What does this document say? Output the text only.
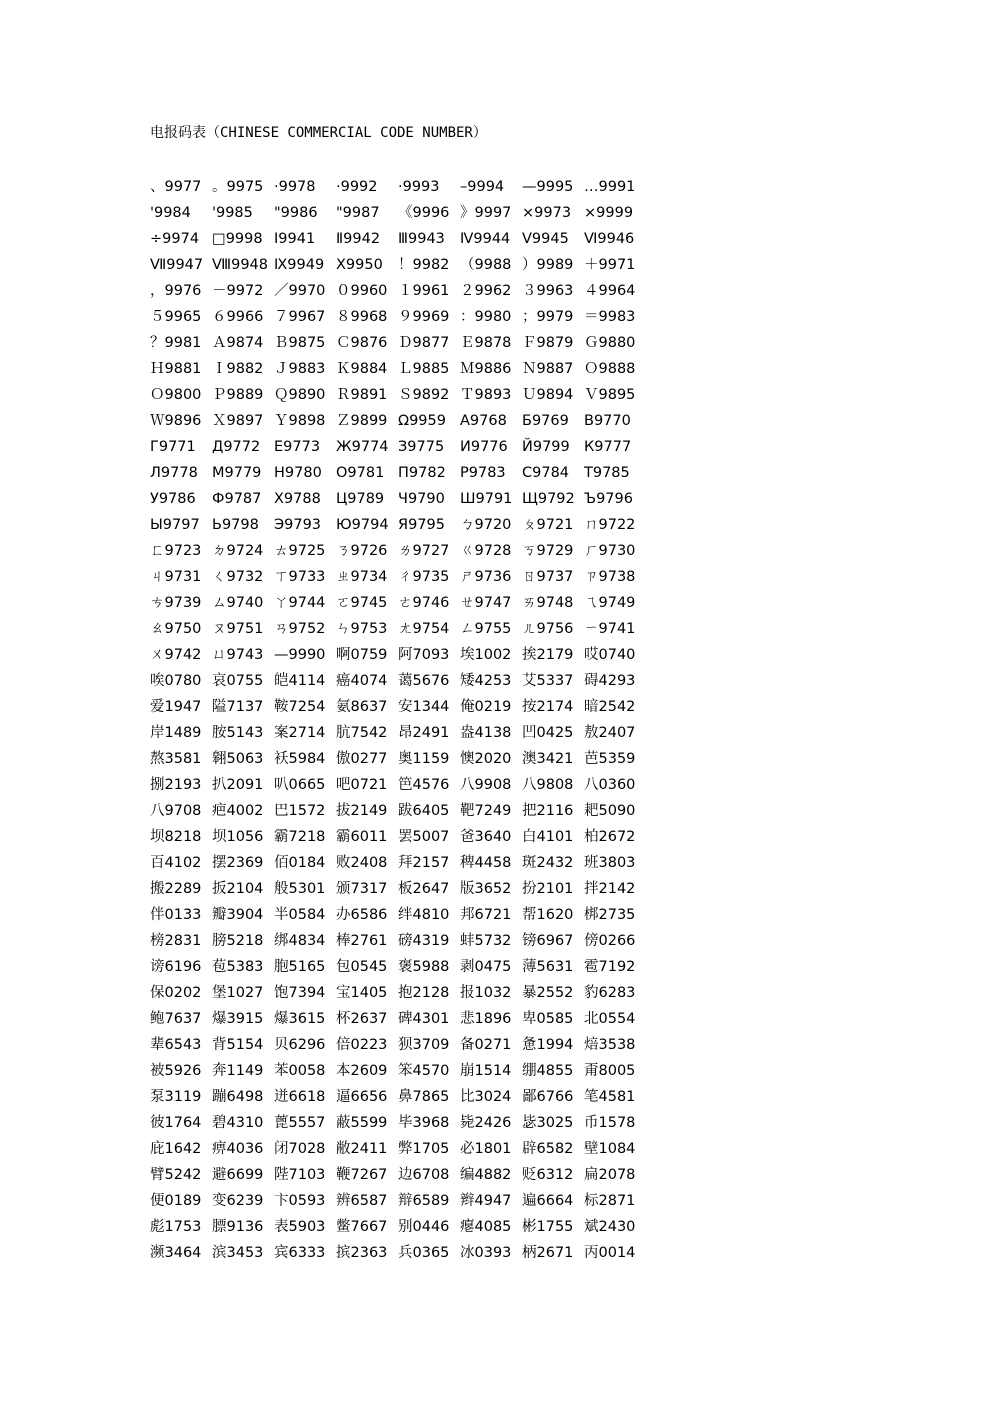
电报码表（CHINESE COMMERCIAL CODE NUMBER）
、9977 。9975 ·9978	·9992	·9993	–9994	—9995 …9991
'9984	'9985	"9986	"9987	《9996 》9997 ×9973 ×9999
÷9974 □9998 Ⅰ9941	Ⅱ9942	Ⅲ9943	Ⅳ9944 Ⅴ9945	Ⅵ9946
Ⅶ9947 Ⅷ9948 Ⅸ9949 Ⅹ9950	！9982 （9988 ）9989 ＋9971
，9976 －9972 ／9970 ０9960 １9961 ２9962 ３9963 ４9964
５9965 ６9966 ７9967 ８9968 ９9969 ：9980 ；9979 ＝9983
？9981 Ａ9874 Ｂ9875 Ｃ9876 Ｄ9877 Ｅ9878 Ｆ9879 Ｇ9880
Ｈ9881 Ｉ9882 Ｊ9883 Ｋ9884 Ｌ9885 Ｍ9886 Ｎ9887 Ｏ9888
Ｏ9800 Ｐ9889 Ｑ9890 Ｒ9891 Ｓ9892 Ｔ9893 Ｕ9894 Ｖ9895
Ｗ9896 Ｘ9897 Ｙ9898 Ｚ9899 Ω9959 А9768	Б9769	В9770
Г9771	Д9772 Е9773	Ж9774 З9775	И9776 Й9799 К9777
Л9778 М9779 Н9780 О9781 П9782 Р9783	С9784	Т9785
У9786	Ф9787 Х9788	Ц9789 Ч9790	Ш9791 Щ9792 Ъ9796
Ы9797 Ь9798	Э9793	Ю9794 Я9795	ㄅ9720 ㄆ9721 ㄇ9722
ㄈ9723 ㄉ9724 ㄊ9725 ㄋ9726 ㄌ9727 ㄍ9728 ㄎ9729 ㄏ9730
ㄐ9731 ㄑ9732 ㄒ9733 ㄓ9734 ㄔ9735 ㄕ9736 ㄖ9737 ㄗ9738
ㄘ9739 ㄙ9740 ㄚ9744 ㄛ9745 ㄜ9746 ㄝ9747 ㄞ9748 ㄟ9749
ㄠ9750 ㄡ9751 ㄢ9752 ㄣ9753 ㄤ9754 ㄥ9755 ㄦ9756 ㄧ9741
ㄨ9742 ㄩ9743 —9990 啊0759 阿7093 埃1002 挨2179 哎0740
唉0780 哀0755 皑4114 癌4074 蔼5676 矮4253 艾5337 碍4293
爱1947 隘7137 鞍7254 氨8637 安1344 俺0219 按2174 暗2542
岸1489 胺5143 案2714 肮7542 昂2491 盎4138 凹0425 敖2407
熬3581 翱5063 袄5984 傲0277 奥1159 懊2020 澳3421 芭5359
捌2193 扒2091 叭0665 吧0721 笆4576 八9908 八9808 八0360
八9708 疤4002 巴1572 拔2149 跋6405 靶7249 把2116 耙5090
坝8218 坝1056 霸7218 霸6011 罢5007 爸3640 白4101 柏2672
百4102 摆2369 佰0184 败2408 拜2157 稗4458 斑2432 班3803
搬2289 扳2104 般5301 颁7317 板2647 版3652 扮2101 拌2142
伴0133 瓣3904 半0584 办6586 绊4810 邦6721 帮1620 梆2735
榜2831 膀5218 绑4834 棒2761 磅4319 蚌5732 镑6967 傍0266
谤6196 苞5383 胞5165 包0545 褒5988 剥0475 薄5631 雹7192
保0202 堡1027 饱7394 宝1405 抱2128 报1032 暴2552 豹6283
鲍7637 爆3915 爆3615 杯2637 碑4301 悲1896 卑0585 北0554
辈6543 背5154 贝6296 倍0223 狈3709 备0271 惫1994 焙3538
被5926 奔1149 苯0058 本2609 笨4570 崩1514 绷4855 甭8005
泵3119 蹦6498 迸6618 逼6656 鼻7865 比3024 鄙6766 笔4581
彼1764 碧4310 蓖5557 蔽5599 毕3968 毙2426 毖3025 币1578
庇1642 痹4036 闭7028 敝2411 弊1705 必1801 辟6582 壁1084
臂5242 避6699 陛7103 鞭7267 边6708 编4882 贬6312 扁2078
便0189 变6239 卞0593 辨6587 辩6589 辫4947 遍6664 标2871
彪1753 膘9136 表5903 鳖7667 别0446 瘪4085 彬1755 斌2430
濒3464 滨3453 宾6333 摈2363 兵0365 冰0393 柄2671 丙0014
